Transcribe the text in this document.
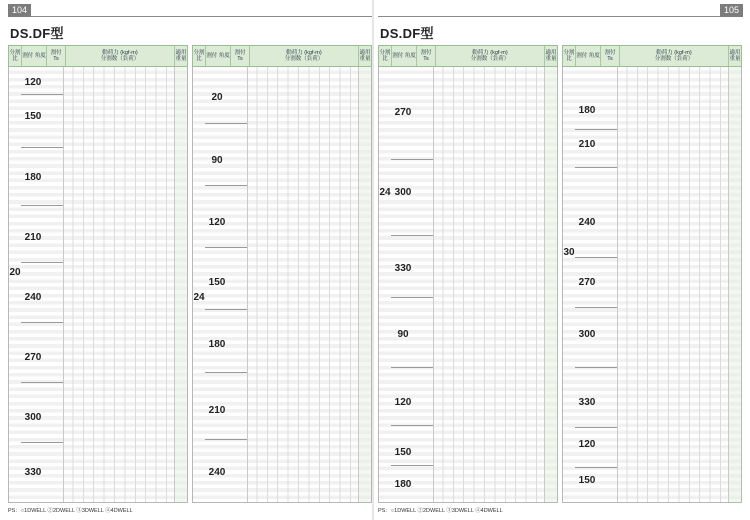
104
DS.DF型
分割 比 割付 角度 割付 Ts
動荷力 (kgf-m)
分割数（負荷）
適用 重量
20
120
150
180
210
240
270
300
330
分割 比 割付 角度 割付 Ts
動荷力 (kgf-m)
分割数（負荷）
適用 重量
24
20
90
120
150
180
210
240
PS：○1DWELL ②2DWELL ③3DWELL ④4DWELL
105
DS.DF型
分割 比 割付 角度 割付 Ts
動荷力 (kgf-m)
分割数（負荷）
適用 重量
24
270
300
330
90
120
150
180
分割 比 割付 角度 割付 Ts
動荷力 (kgf-m)
分割数（負荷）
適用 重量
30
180
210
240
270
300
330
120
150
PS：○1DWELL ②2DWELL ③3DWELL ④4DWELL
